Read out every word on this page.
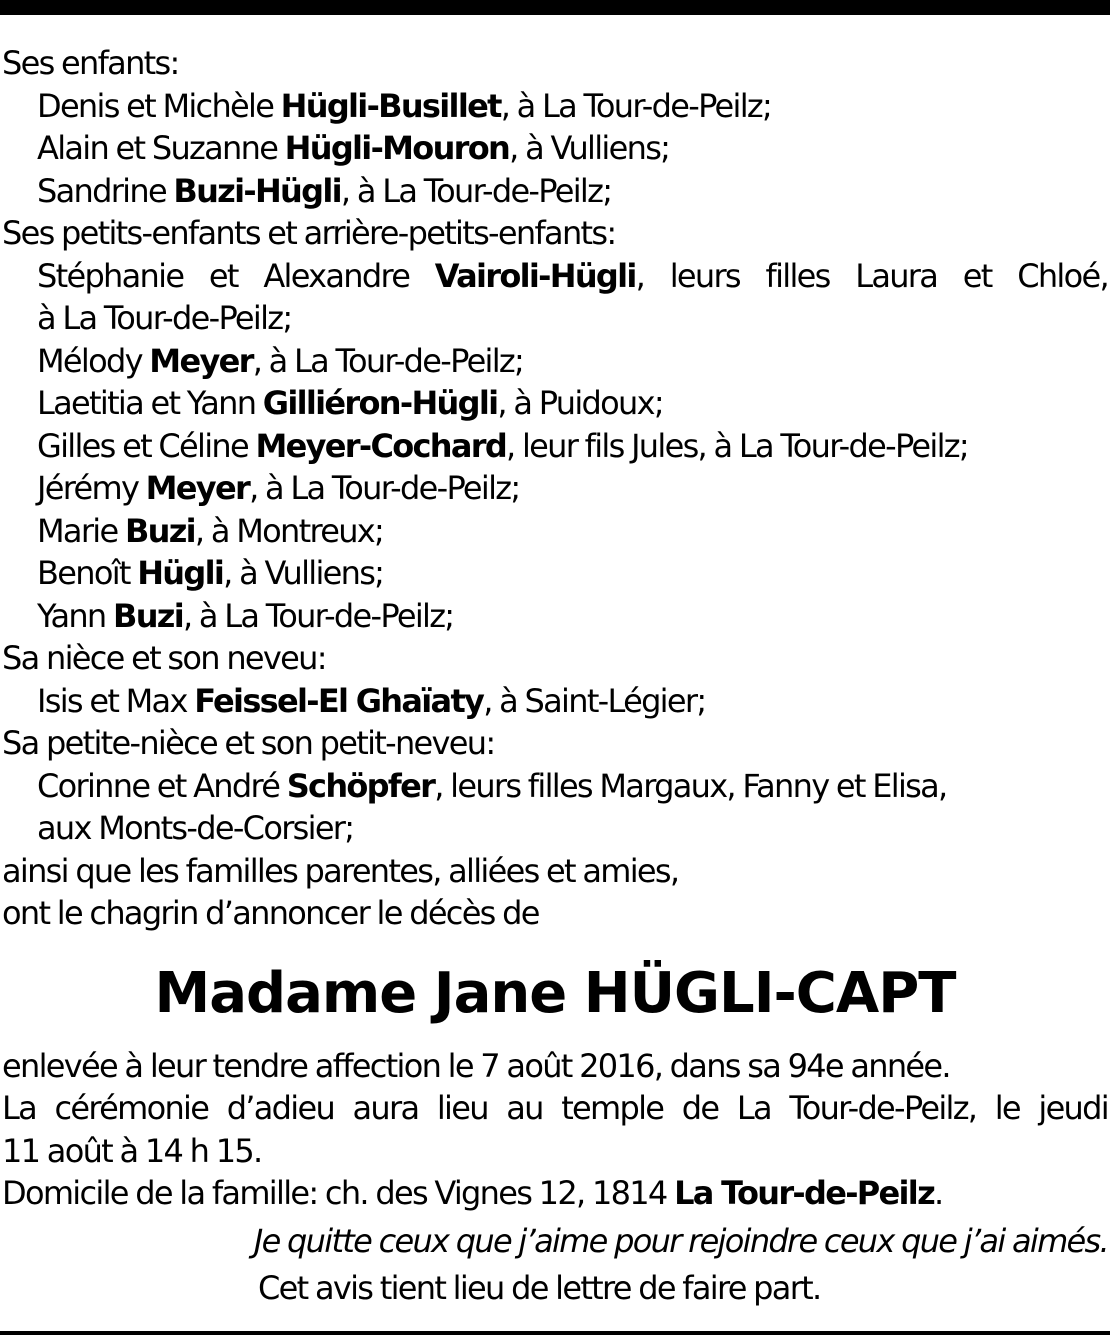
Ses enfants:
Denis et Michèle Hügli-Busillet, à La Tour-de-Peilz;
Alain et Suzanne Hügli-Mouron, à Vulliens;
Sandrine Buzi-Hügli, à La Tour-de-Peilz;
Ses petits-enfants et arrière-petits-enfants:
Stéphanie et Alexandre Vairoli-Hügli, leurs filles Laura et Chloé,
à La Tour-de-Peilz;
Mélody Meyer, à La Tour-de-Peilz;
Laetitia et Yann Gilliéron-Hügli, à Puidoux;
Gilles et Céline Meyer-Cochard, leur fils Jules, à La Tour-de-Peilz;
Jérémy Meyer, à La Tour-de-Peilz;
Marie Buzi, à Montreux;
Benoît Hügli, à Vulliens;
Yann Buzi, à La Tour-de-Peilz;
Sa nièce et son neveu:
Isis et Max Feissel-El Ghaïaty, à Saint-Légier;
Sa petite-nièce et son petit-neveu:
Corinne et André Schöpfer, leurs filles Margaux, Fanny et Elisa,
aux Monts-de-Corsier;
ainsi que les familles parentes, alliées et amies,
ont le chagrin d’annoncer le décès de
Madame Jane HÜGLI-CAPT
enlevée à leur tendre affection le 7 août 2016, dans sa 94e année.
La cérémonie d’adieu aura lieu au temple de La Tour-de-Peilz, le jeudi
11 août à 14 h 15.
Domicile de la famille: ch. des Vignes 12, 1814 La Tour-de-Peilz.
Je quitte ceux que j’aime pour rejoindre ceux que j’ai aimés.
Cet avis tient lieu de lettre de faire part.
